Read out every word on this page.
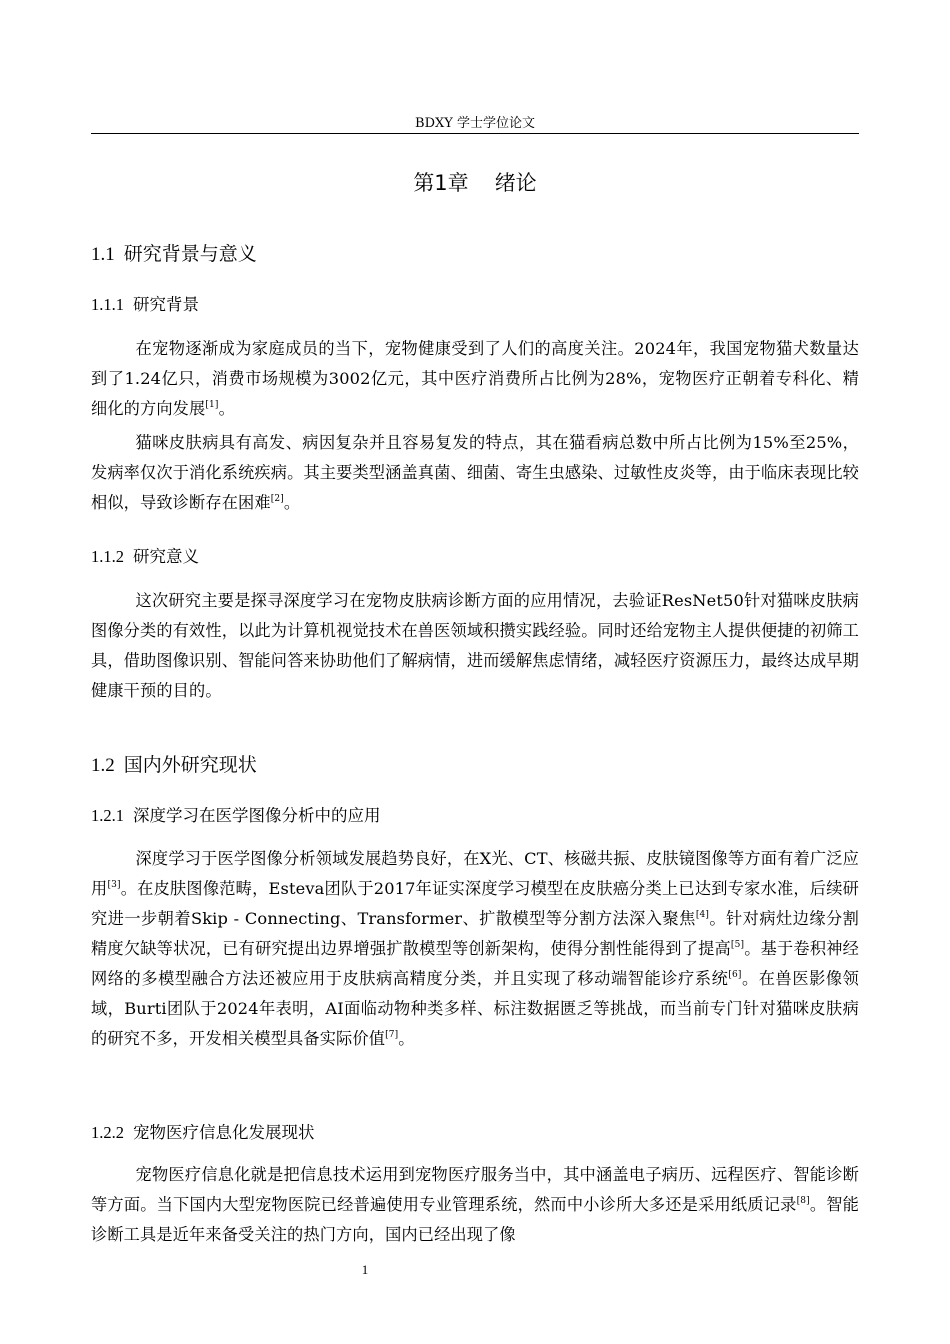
BDXY 学士学位论文
第1章 绪论
1.1 研究背景与意义
1.1.1 研究背景

在宠物逐渐成为家庭成员的当下，宠物健康受到了人们的高度关注。2024年，我国宠物猫犬数量达到了1.24亿只，消费市场规模为3002亿元，其中医疗消费所占比例为28%，宠物医疗正朝着专科化、精细化的方向发展[1]。

猫咪皮肤病具有高发、病因复杂并且容易复发的特点，其在猫看病总数中所占比例为15%至25%，发病率仅次于消化系统疾病。其主要类型涵盖真菌、细菌、寄生虫感染、过敏性皮炎等，由于临床表现比较相似，导致诊断存在困难[2]。

1.1.2 研究意义

这次研究主要是探寻深度学习在宠物皮肤病诊断方面的应用情况，去验证ResNet50针对猫咪皮肤病图像分类的有效性，以此为计算机视觉技术在兽医领域积攒实践经验。同时还给宠物主人提供便捷的初筛工具，借助图像识别、智能问答来协助他们了解病情，进而缓解焦虑情绪，减轻医疗资源压力，最终达成早期健康干预的目的。

1.2 国内外研究现状
1.2.1 深度学习在医学图像分析中的应用

深度学习于医学图像分析领域发展趋势良好，在X光、CT、核磁共振、皮肤镜图像等方面有着广泛应用[3]。在皮肤图像范畴，Esteva团队于2017年证实深度学习模型在皮肤癌分类上已达到专家水准，后续研究进一步朝着Skip - Connecting、Transformer、扩散模型等分割方法深入聚焦[4]。针对病灶边缘分割精度欠缺等状况，已有研究提出边界增强扩散模型等创新架构，使得分割性能得到了提高[5]。基于卷积神经网络的多模型融合方法还被应用于皮肤病高精度分类，并且实现了移动端智能诊疗系统[6]。在兽医影像领域，Burti团队于2024年表明，AI面临动物种类多样、标注数据匮乏等挑战，而当前专门针对猫咪皮肤病的研究不多，开发相关模型具备实际价值[7]。

1.2.2 宠物医疗信息化发展现状

宠物医疗信息化就是把信息技术运用到宠物医疗服务当中，其中涵盖电子病历、远程医疗、智能诊断等方面。当下国内大型宠物医院已经普遍使用专业管理系统，然而中小诊所大多还是采用纸质记录[8]。智能诊断工具是近年来备受关注的热门方向，国内已经出现了像

1
